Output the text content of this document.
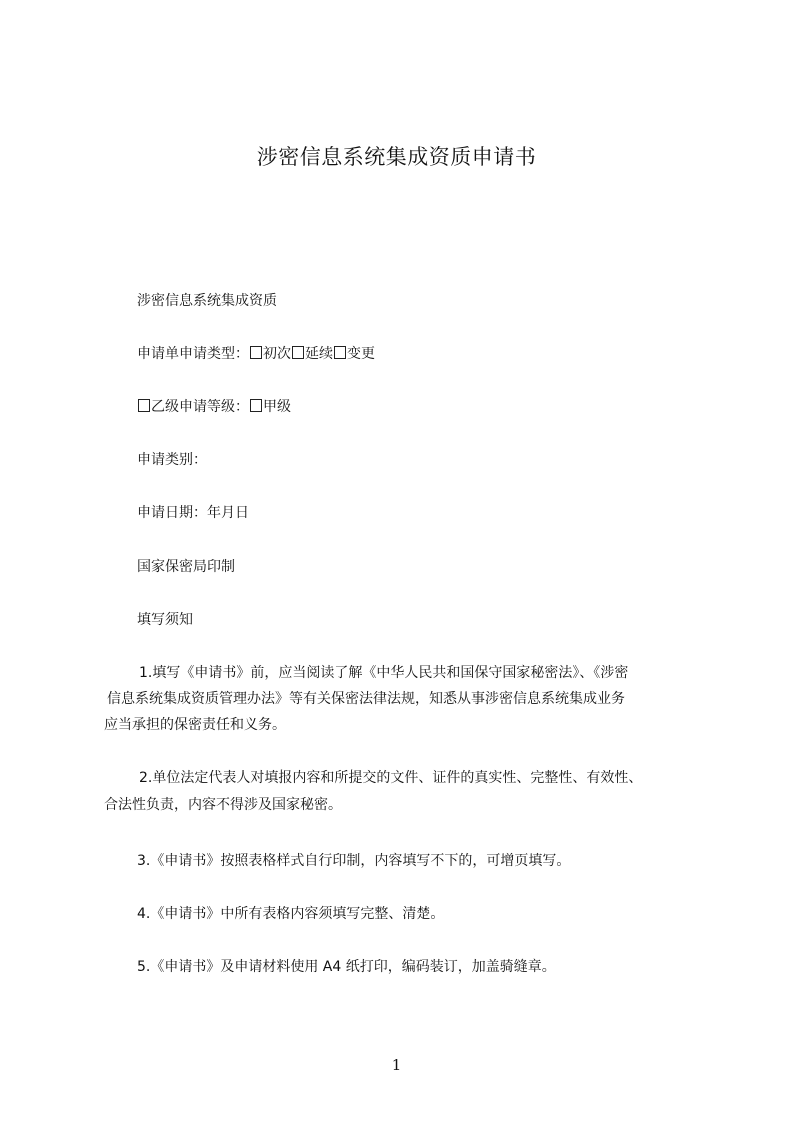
涉密信息系统集成资质申请书
涉密信息系统集成资质
申请单申请类型： 初次 延续 变更
乙级申请等级： 甲级
申请类别：
申请日期：年月日
国家保密局印制
填写须知
1.填写《申请书》前，应当阅读了解《中华人民共和国保守国家秘密法》、《涉密
信息系统集成资质管理办法》等有关保密法律法规，知悉从事涉密信息系统集成业务
应当承担的保密责任和义务。
2.单位法定代表人对填报内容和所提交的文件、证件的真实性、完整性、有效性、
合法性负责，内容不得涉及国家秘密。
3.《申请书》按照表格样式自行印制，内容填写不下的，可增页填写。
4.《申请书》中所有表格内容须填写完整、清楚。
5.《申请书》及申请材料使用 A4 纸打印，编码装订，加盖骑缝章。
1
